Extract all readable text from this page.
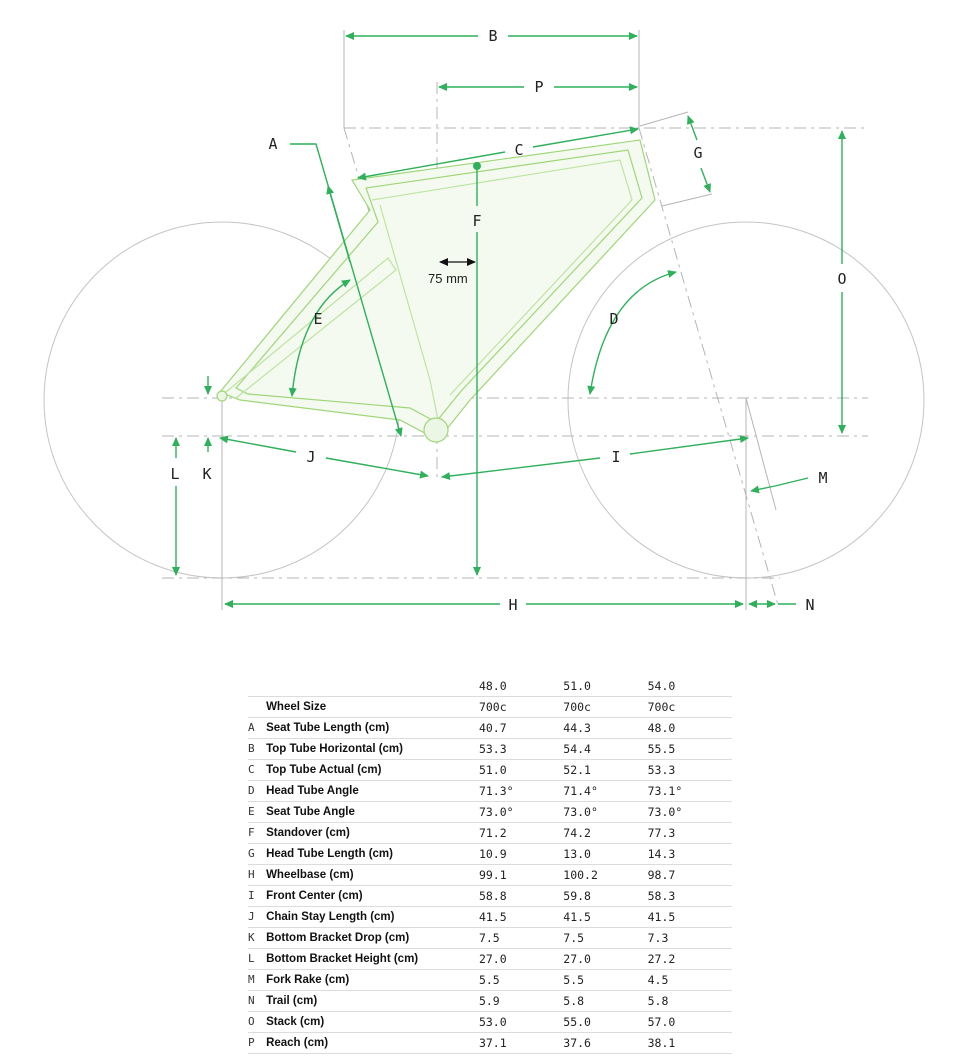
75 mm
A
B
C
D
E
F
G
H
I
J
K
L	M
N
O
P
		48.0	51.0	54.0
	Wheel Size	700c	700c	700c
A	Seat Tube Length (cm)	40.7	44.3	48.0
B	Top Tube Horizontal (cm)	53.3	54.4	55.5
C	Top Tube Actual (cm)	51.0	52.1	53.3
D	Head Tube Angle	71.3°	71.4°	73.1°
E	Seat Tube Angle	73.0°	73.0°	73.0°
F	Standover (cm)	71.2	74.2	77.3
G	Head Tube Length (cm)	10.9	13.0	14.3
H	Wheelbase (cm)	99.1	100.2	98.7
I	Front Center (cm)	58.8	59.8	58.3
J	Chain Stay Length (cm)	41.5	41.5	41.5
K	Bottom Bracket Drop (cm)	7.5	7.5	7.3
L	Bottom Bracket Height (cm)	27.0	27.0	27.2
M	Fork Rake (cm)	5.5	5.5	4.5
N	Trail (cm)	5.9	5.8	5.8
O	Stack (cm)	53.0	55.0	57.0
P	Reach (cm)	37.1	37.6	38.1
